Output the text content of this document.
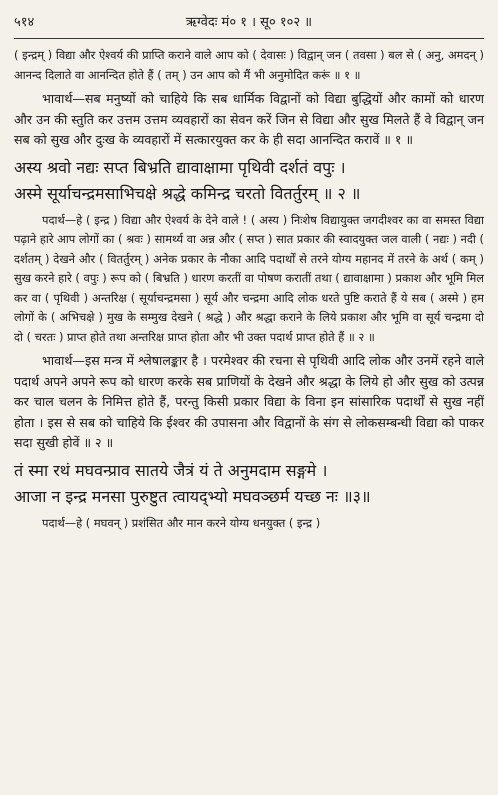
५१४	ऋग्वेदः मं० १ । सू० १०२ ॥

( इन्द्रम् ) विद्या और ऐश्वर्य की प्राप्ति कराने वाले आप को ( देवासः ) विद्वान् जन ( तवसा ) बल से ( अनु, अमदन् ) आनन्द दिलाते वा आनन्दित होते हैं ( तम् ) उन आप को मैं भी अनुमोदित करूं ॥ १ ॥

भावार्थ—सब मनुष्यों को चाहिये कि सब धार्मिक विद्वानों को विद्या बुद्धियों और कामों को धारण और उन की स्तुति कर उत्तम उत्तम व्यवहारों का सेवन करें जिन से विद्या और सुख मिलते हैं वे विद्वान् जन सब को सुख और दुःख के व्यवहारों में सत्कारयुक्त कर के ही सदा आनन्दित करावें ॥ १ ॥

अस्य श्रवो नद्यः सप्त बिभ्रति द्यावाक्षामा पृथिवी दर्शतं वपुः ।

अस्मे सूर्याचन्द्रमसाभिचक्षे श्रद्धे कमिन्द्र चरतो वितर्तुरम् ॥ २ ॥

पदार्थ—हे ( इन्द्र ) विद्या और ऐश्वर्य के देने वाले ! ( अस्य ) निःशेष विद्यायुक्त जगदीश्वर का वा समस्त विद्या पढ़ाने हारे आप लोगों का ( श्रवः ) सामर्थ्य वा अन्न और ( सप्त ) सात प्रकार की स्वादयुक्त जल वाली ( नद्यः ) नदी ( दर्शतम् ) देखने और ( वितर्तुरम् ) अनेक प्रकार के नौका आदि पदार्थों से तरने योग्य महानद में तरने के अर्थ ( कम् ) सुख करने हारे ( वपुः ) रूप को ( बिभ्रति ) धारण करतीं वा पोषण करातीं तथा ( द्यावाक्षामा ) प्रकाश और भूमि मिल कर वा ( पृथिवी ) अन्तरिक्ष ( सूर्याचन्द्रमसा ) सूर्य और चन्द्रमा आदि लोक धरते पुष्टि कराते हैं ये सब ( अस्मे ) हम लोगों के ( अभिचक्षे ) मुख के सम्मुख देखने ( श्रद्धे ) और श्रद्धा कराने के लिये प्रकाश और भूमि वा सूर्य चन्द्रमा दो दो ( चरतः ) प्राप्त होते तथा अन्तरिक्ष प्राप्त होता और भी उक्त पदार्थ प्राप्त होते हैं ॥ २ ॥

भावार्थ—इस मन्त्र में श्लेषालङ्कार है । परमेश्वर की रचना से पृथिवी आदि लोक और उनमें रहने वाले पदार्थ अपने अपने रूप को धारण करके सब प्राणियों के देखने और श्रद्धा के लिये हो और सुख को उत्पन्न कर चाल चलन के निमित्त होते हैं, परन्तु किसी प्रकार विद्या के विना इन सांसारिक पदार्थों से सुख नहीं होता । इस से सब को चाहिये कि ईश्वर की उपासना और विद्वानों के संग से लोकसम्बन्धी विद्या को पाकर सदा सुखी होवें ॥ २ ॥

तं स्मा रथं मघवन्प्राव सातये जैत्रं यं ते अनुमदाम सङ्गमे ।

आजा न इन्द्र मनसा पुरुष्टुत त्वायद्भ्यो मघवञ्छर्म यच्छ नः ॥३॥

पदार्थ—हे ( मघवन् ) प्रशंसित और मान करने योग्य धनयुक्त ( इन्द्र )
